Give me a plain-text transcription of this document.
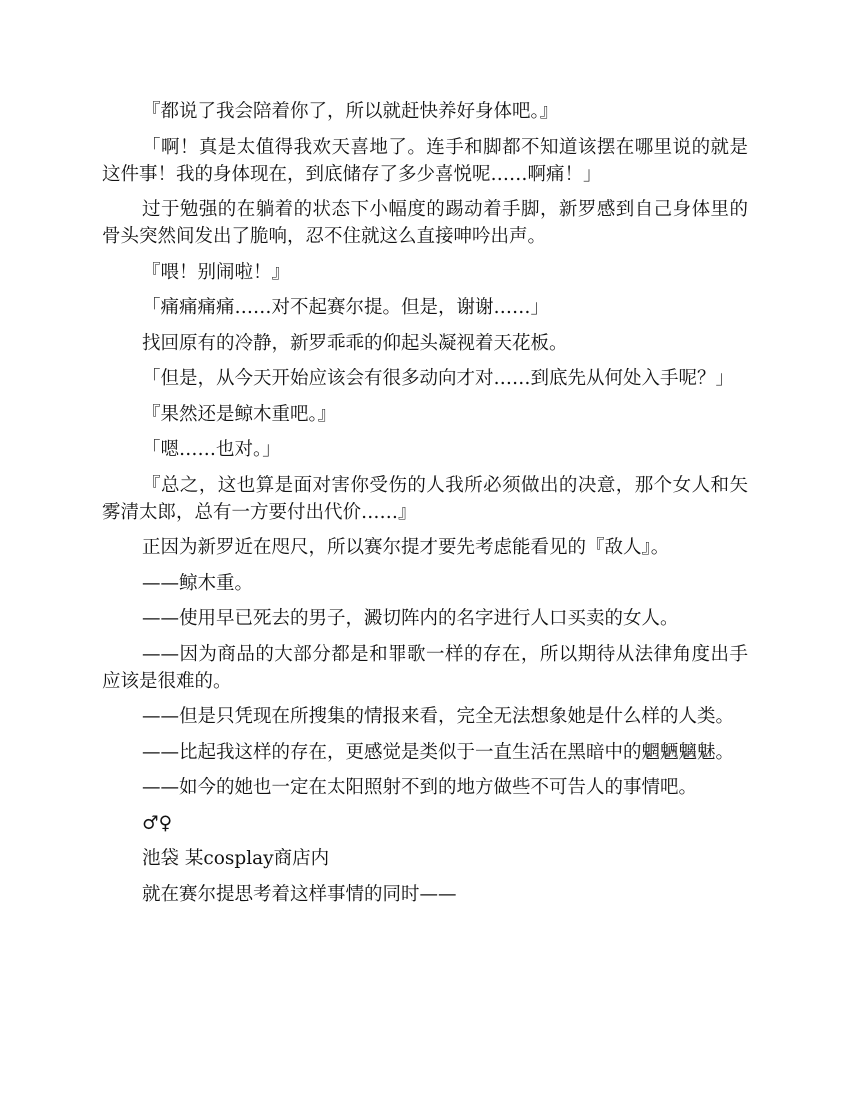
『都说了我会陪着你了，所以就赶快养好身体吧。』

「啊！真是太值得我欢天喜地了。连手和脚都不知道该摆在哪里说的就是这件事！我的身体现在，到底储存了多少喜悦呢……啊痛！」

过于勉强的在躺着的状态下小幅度的踢动着手脚，新罗感到自己身体里的骨头突然间发出了脆响，忍不住就这么直接呻吟出声。

『喂！别闹啦！』

「痛痛痛痛……对不起赛尔提。但是，谢谢……」

找回原有的冷静，新罗乖乖的仰起头凝视着天花板。

「但是，从今天开始应该会有很多动向才对……到底先从何处入手呢？」

『果然还是鲸木重吧。』

「嗯……也对。」

『总之，这也算是面对害你受伤的人我所必须做出的决意，那个女人和矢雾清太郎，总有一方要付出代价……』

正因为新罗近在咫尺，所以赛尔提才要先考虑能看见的『敌人』。

——鲸木重。

——使用早已死去的男子，澱切阵内的名字进行人口买卖的女人。

——因为商品的大部分都是和罪歌一样的存在，所以期待从法律角度出手应该是很难的。

——但是只凭现在所搜集的情报来看，完全无法想象她是什么样的人类。

——比起我这样的存在，更感觉是类似于一直生活在黑暗中的魍魉魑魅。

——如今的她也一定在太阳照射不到的地方做些不可告人的事情吧。

♂♀

池袋 某cosplay商店内

就在赛尔提思考着这样事情的同时——
